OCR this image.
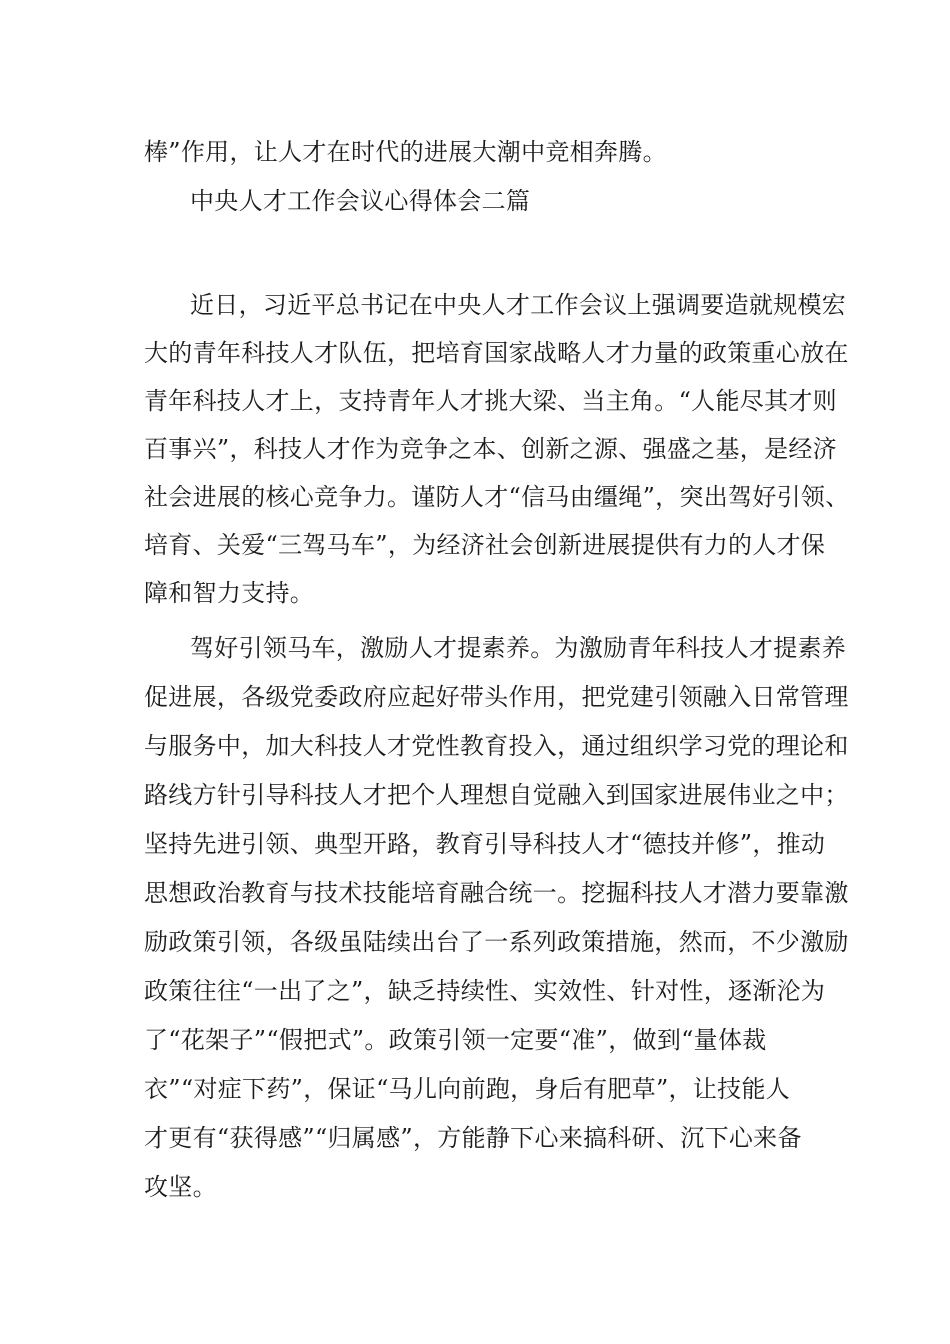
棒”作用，让人才在时代的进展大潮中竞相奔腾。
中央人才工作会议心得体会二篇
近日，习近平总书记在中央人才工作会议上强调要造就规模宏
大的青年科技人才队伍，把培育国家战略人才力量的政策重心放在
青年科技人才上，支持青年人才挑大梁、当主角。“人能尽其才则
百事兴”，科技人才作为竞争之本、创新之源、强盛之基，是经济
社会进展的核心竞争力。谨防人才“信马由缰绳”，突出驾好引领、
培育、关爱“三驾马车”，为经济社会创新进展提供有力的人才保
障和智力支持。
驾好引领马车，激励人才提素养。为激励青年科技人才提素养
促进展，各级党委政府应起好带头作用，把党建引领融入日常管理
与服务中，加大科技人才党性教育投入，通过组织学习党的理论和
路线方针引导科技人才把个人理想自觉融入到国家进展伟业之中；
坚持先进引领、典型开路，教育引导科技人才“德技并修”，推动
思想政治教育与技术技能培育融合统一。挖掘科技人才潜力要靠激
励政策引领，各级虽陆续出台了一系列政策措施，然而，不少激励
政策往往“一出了之”，缺乏持续性、实效性、针对性，逐渐沦为
了“花架子”“假把式”。政策引领一定要“准”，做到“量体裁
衣”“对症下药”，保证“马儿向前跑，身后有肥草”，让技能人
才更有“获得感”“归属感”，方能静下心来搞科研、沉下心来备
攻坚。
